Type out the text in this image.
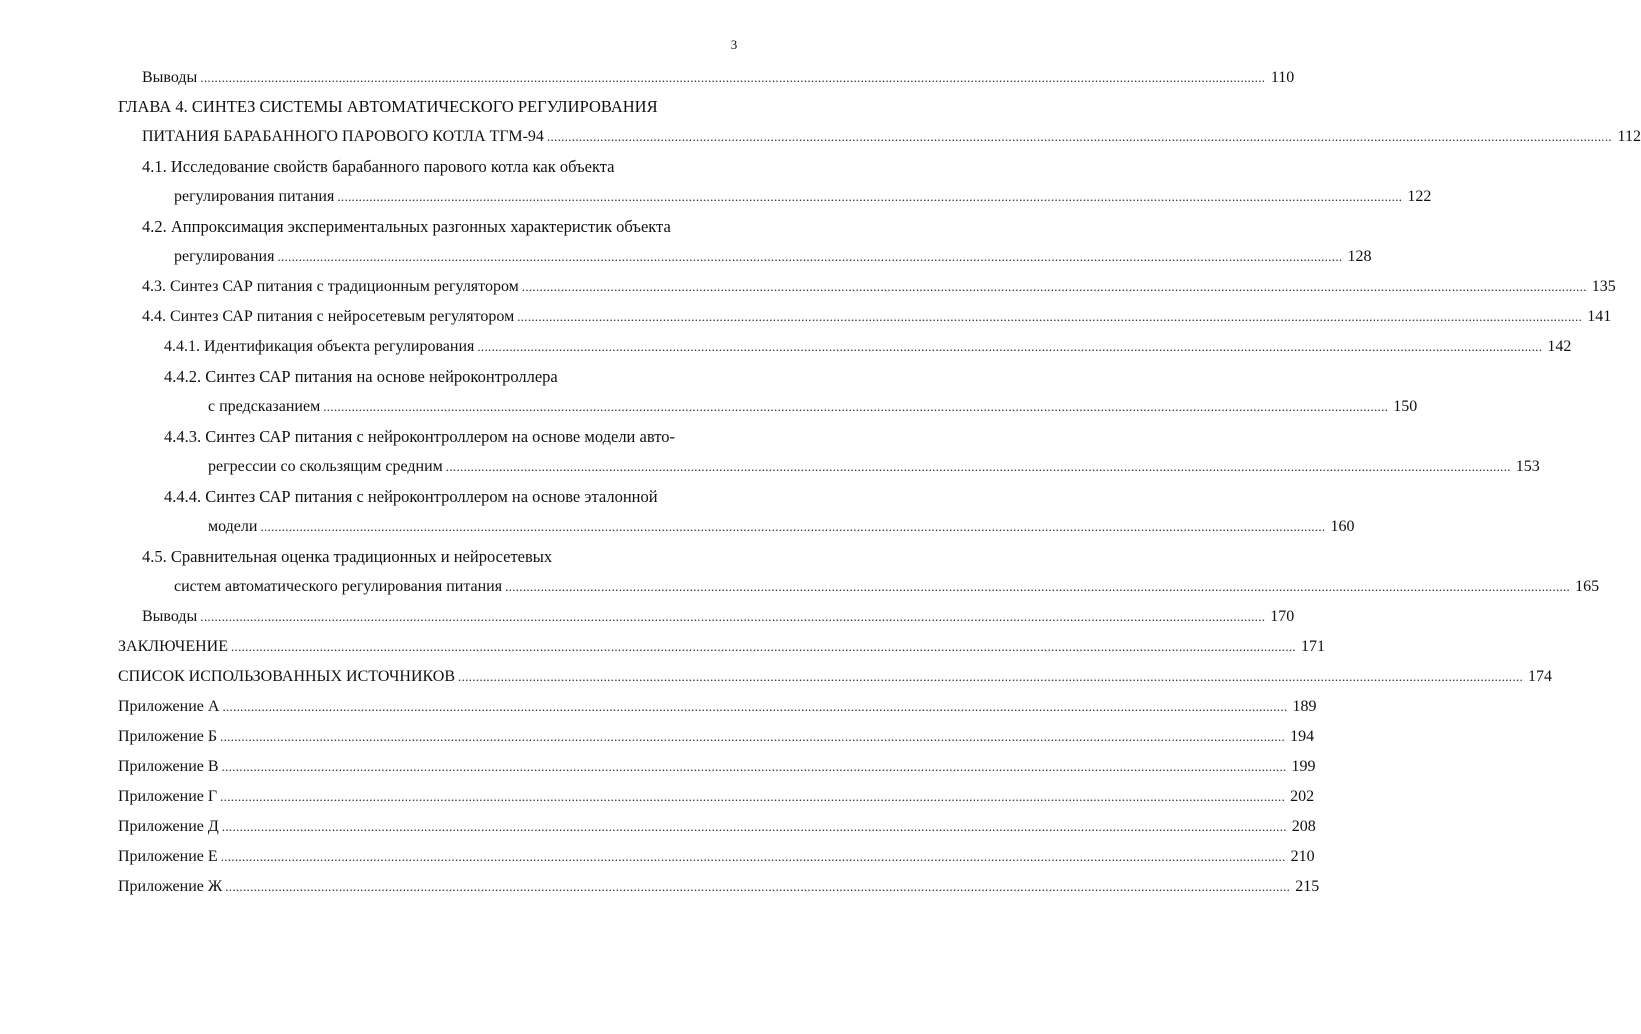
3
Выводы ............................................................................................................................................................................................................................................................................................................ 110
ГЛАВА 4. СИНТЕЗ СИСТЕМЫ АВТОМАТИЧЕСКОГО РЕГУЛИРОВАНИЯ
ПИТАНИЯ БАРАБАННОГО ПАРОВОГО КОТЛА ТГМ-94 ............................................................................................................................................................................................................................................................................................................ 112
4.1. Исследование свойств барабанного парового котла как объекта
регулирования питания ............................................................................................................................................................................................................................................................................................................ 122
4.2. Аппроксимация экспериментальных разгонных характеристик объекта
регулирования ............................................................................................................................................................................................................................................................................................................ 128
4.3. Синтез САР питания с традиционным регулятором ............................................................................................................................................................................................................................................................................................................ 135
4.4. Синтез САР питания с нейросетевым регулятором ............................................................................................................................................................................................................................................................................................................ 141
4.4.1. Идентификация объекта регулирования ............................................................................................................................................................................................................................................................................................................ 142
4.4.2. Синтез САР питания на основе нейроконтроллера
с предсказанием ............................................................................................................................................................................................................................................................................................................ 150
4.4.3. Синтез САР питания с нейроконтроллером на основе модели авто-
регрессии со скользящим средним ............................................................................................................................................................................................................................................................................................................ 153
4.4.4. Синтез САР питания с нейроконтроллером на основе эталонной
модели ............................................................................................................................................................................................................................................................................................................ 160
4.5. Сравнительная оценка традиционных и нейросетевых
систем автоматического регулирования питания ............................................................................................................................................................................................................................................................................................................ 165
Выводы ............................................................................................................................................................................................................................................................................................................ 170
ЗАКЛЮЧЕНИЕ ............................................................................................................................................................................................................................................................................................................ 171
СПИСОК ИСПОЛЬЗОВАННЫХ ИСТОЧНИКОВ ............................................................................................................................................................................................................................................................................................................ 174
Приложение А ............................................................................................................................................................................................................................................................................................................ 189
Приложение Б ............................................................................................................................................................................................................................................................................................................ 194
Приложение В ............................................................................................................................................................................................................................................................................................................ 199
Приложение Г ............................................................................................................................................................................................................................................................................................................ 202
Приложение Д ............................................................................................................................................................................................................................................................................................................ 208
Приложение Е ............................................................................................................................................................................................................................................................................................................ 210
Приложение Ж ............................................................................................................................................................................................................................................................................................................ 215
